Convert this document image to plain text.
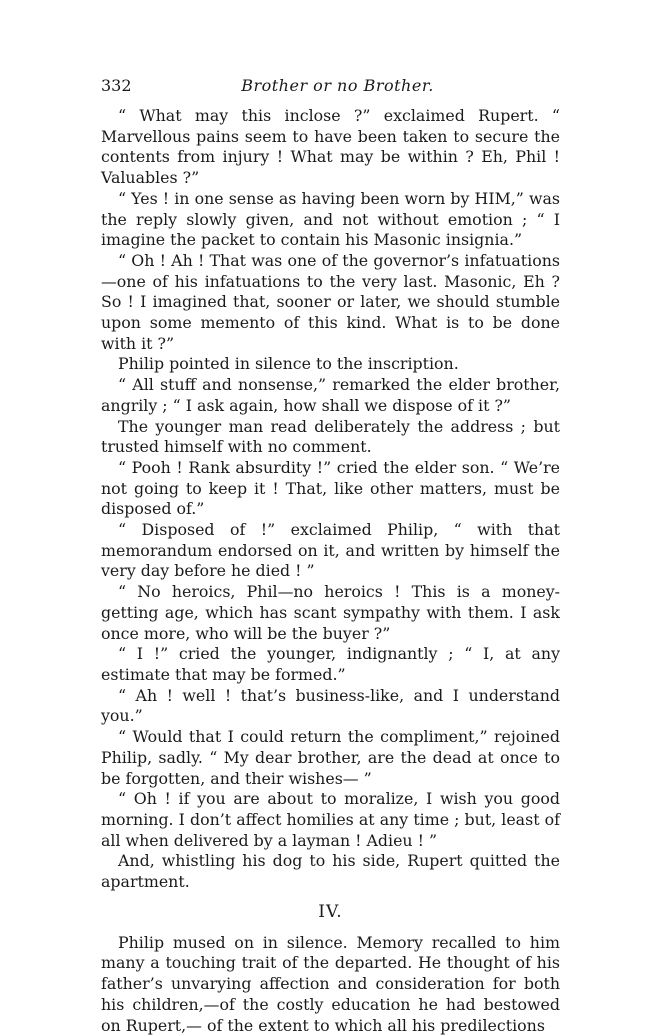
332	Brother or no Brother.

“ What may this inclose ?” exclaimed Rupert. “ Marvellous pains seem to have been taken to secure the contents from injury ! What may be within ? Eh, Phil ! Valuables ?”

“ Yes ! in one sense as having been worn by HIM,” was the reply slowly given, and not without emotion ; “ I imagine the packet to contain his Masonic insignia.”

“ Oh ! Ah ! That was one of the governor’s infatuations —one of his infatuations to the very last. Masonic, Eh ? So ! I imagined that, sooner or later, we should stumble upon some memento of this kind. What is to be done with it ?”

Philip pointed in silence to the inscription.

“ All stuff and nonsense,” remarked the elder brother, angrily ; “ I ask again, how shall we dispose of it ?”

The younger man read deliberately the address ; but trusted himself with no comment.

“ Pooh ! Rank absurdity !” cried the elder son. “ We’re not going to keep it ! That, like other matters, must be disposed of.”

“ Disposed of !” exclaimed Philip, “ with that memorandum endorsed on it, and written by himself the very day before he died ! ”

“ No heroics, Phil—no heroics ! This is a money-getting age, which has scant sympathy with them. I ask once more, who will be the buyer ?”

“ I !” cried the younger, indignantly ; “ I, at any estimate that may be formed.”

“ Ah ! well ! that’s business-like, and I understand you.”

“ Would that I could return the compliment,” rejoined Philip, sadly. “ My dear brother, are the dead at once to be forgotten, and their wishes— ”

“ Oh ! if you are about to moralize, I wish you good morning. I don’t affect homilies at any time ; but, least of all when delivered by a layman ! Adieu ! ”

And, whistling his dog to his side, Rupert quitted the apartment.

IV.

Philip mused on in silence. Memory recalled to him many a touching trait of the departed. He thought of his father’s unvarying affection and consideration for both his children,—of the costly education he had bestowed on Rupert,— of the extent to which all his predilections
